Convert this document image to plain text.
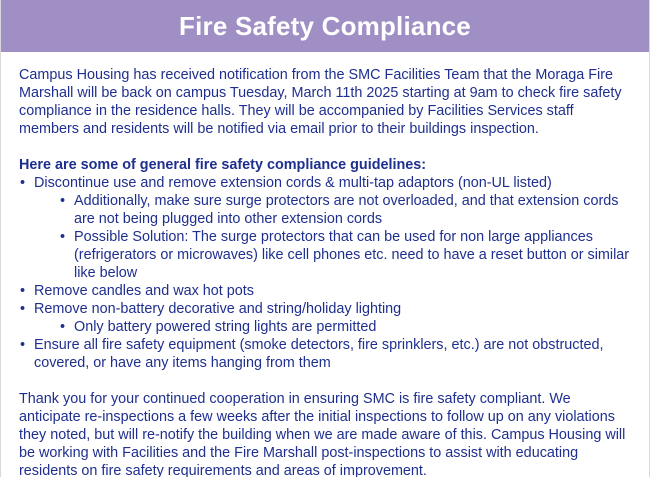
Fire Safety Compliance

Campus Housing has received notification from the SMC Facilities Team that the Moraga Fire Marshall will be back on campus Tuesday, March 11th 2025 starting at 9am to check fire safety compliance in the residence halls. They will be accompanied by Facilities Services staff members and residents will be notified via email prior to their buildings inspection.

Here are some of general fire safety compliance guidelines:

• Discontinue use and remove extension cords & multi-tap adaptors (non-UL listed)
• Additionally, make sure surge protectors are not overloaded, and that extension cords are not being plugged into other extension cords
• Possible Solution: The surge protectors that can be used for non large appliances (refrigerators or microwaves) like cell phones etc. need to have a reset button or similar like below
• Remove candles and wax hot pots
• Remove non-battery decorative and string/holiday lighting
• Only battery powered string lights are permitted
• Ensure all fire safety equipment (smoke detectors, fire sprinklers, etc.) are not obstructed, covered, or have any items hanging from them

Thank you for your continued cooperation in ensuring SMC is fire safety compliant. We anticipate re-inspections a few weeks after the initial inspections to follow up on any violations they noted, but will re-notify the building when we are made aware of this. Campus Housing will be working with Facilities and the Fire Marshall post-inspections to assist with educating residents on fire safety requirements and areas of improvement.
